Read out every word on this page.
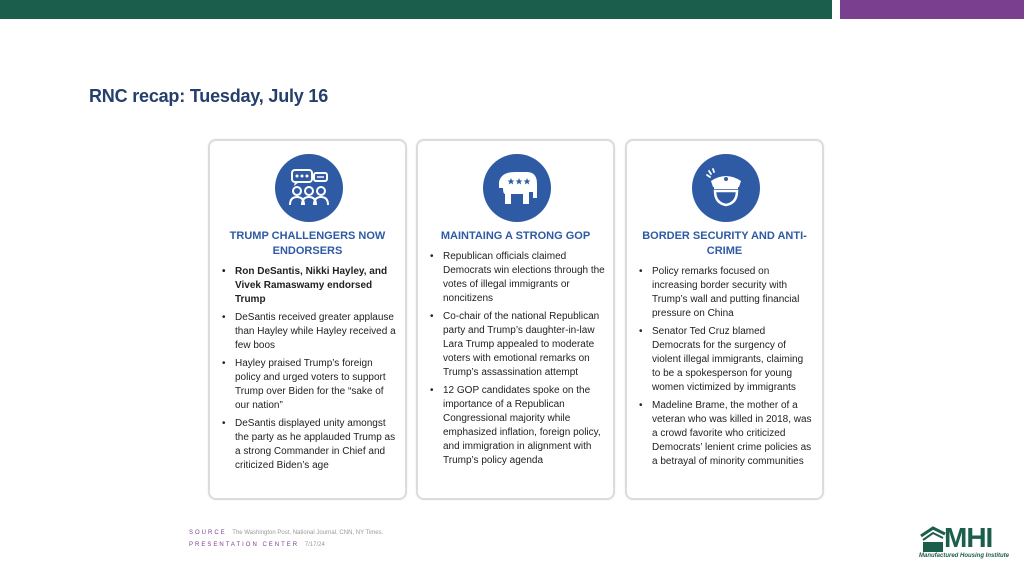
RNC recap: Tuesday, July 16
TRUMP CHALLENGERS NOW ENDORSERS
• Ron DeSantis, Nikki Hayley, and Vivek Ramaswamy endorsed Trump
• DeSantis received greater applause than Hayley while Hayley received a few boos
• Hayley praised Trump’s foreign policy and urged voters to support Trump over Biden for the “sake of our nation”
• DeSantis displayed unity amongst the party as he applauded Trump as a strong Commander in Chief and criticized Biden’s age
MAINTAING A STRONG GOP
• Republican officials claimed Democrats win elections through the votes of illegal immigrants or noncitizens
• Co-chair of the national Republican party and Trump’s daughter-in-law Lara Trump appealed to moderate voters with emotional remarks on Trump’s assassination attempt
• 12 GOP candidates spoke on the importance of a Republican Congressional majority while emphasized inflation, foreign policy, and immigration in alignment with Trump’s policy agenda
BORDER SECURITY AND ANTI-CRIME
• Policy remarks focused on increasing border security with Trump’s wall and putting financial pressure on China
• Senator Ted Cruz blamed Democrats for the surgency of violent illegal immigrants, claiming to be a spokesperson for young women victimized by immigrants
• Madeline Brame, the mother of a veteran who was killed in 2018, was a crowd favorite who criticized Democrats’ lenient crime policies as a betrayal of minority communities
SOURCE The Washington Post, National Journal, CNN, NY Times.
PRESENTATION CENTER 7/17/24	MHI
Manufactured Housing Institute
